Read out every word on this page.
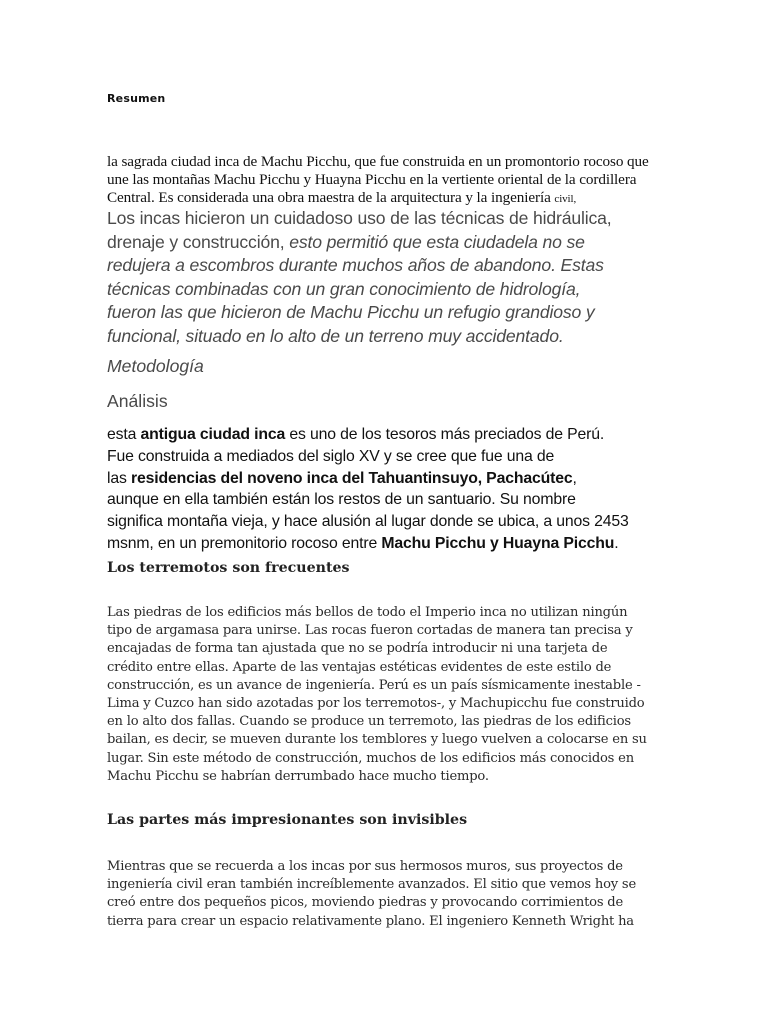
Resumen
la sagrada ciudad inca de Machu Picchu, que fue construida en un promontorio rocoso que
une las montañas Machu Picchu y Huayna Picchu en la vertiente oriental de la cordillera
Central. Es considerada una obra maestra de la arquitectura y la ingeniería civil,
Los incas hicieron un cuidadoso uso de las técnicas de hidráulica,
drenaje y construcción, esto permitió que esta ciudadela no se
redujera a escombros durante muchos años de abandono. Estas
técnicas combinadas con un gran conocimiento de hidrología,
fueron las que hicieron de Machu Picchu un refugio grandioso y
funcional, situado en lo alto de un terreno muy accidentado.
Metodología
Análisis
esta antigua ciudad inca es uno de los tesoros más preciados de Perú.
Fue construida a mediados del siglo XV y se cree que fue una de
las residencias del noveno inca del Tahuantinsuyo, Pachacútec,
aunque en ella también están los restos de un santuario. Su nombre
significa montaña vieja, y hace alusión al lugar donde se ubica, a unos 2453
msnm, en un premonitorio rocoso entre Machu Picchu y Huayna Picchu.
Los terremotos son frecuentes
Las piedras de los edificios más bellos de todo el Imperio inca no utilizan ningún
tipo de argamasa para unirse. Las rocas fueron cortadas de manera tan precisa y
encajadas de forma tan ajustada que no se podría introducir ni una tarjeta de
crédito entre ellas. Aparte de las ventajas estéticas evidentes de este estilo de
construcción, es un avance de ingeniería. Perú es un país sísmicamente inestable -
Lima y Cuzco han sido azotadas por los terremotos-, y Machupicchu fue construido
en lo alto dos fallas. Cuando se produce un terremoto, las piedras de los edificios
bailan, es decir, se mueven durante los temblores y luego vuelven a colocarse en su
lugar. Sin este método de construcción, muchos de los edificios más conocidos en
Machu Picchu se habrían derrumbado hace mucho tiempo.
Las partes más impresionantes son invisibles
Mientras que se recuerda a los incas por sus hermosos muros, sus proyectos de
ingeniería civil eran también increíblemente avanzados. El sitio que vemos hoy se
creó entre dos pequeños picos, moviendo piedras y provocando corrimientos de
tierra para crear un espacio relativamente plano. El ingeniero Kenneth Wright ha
